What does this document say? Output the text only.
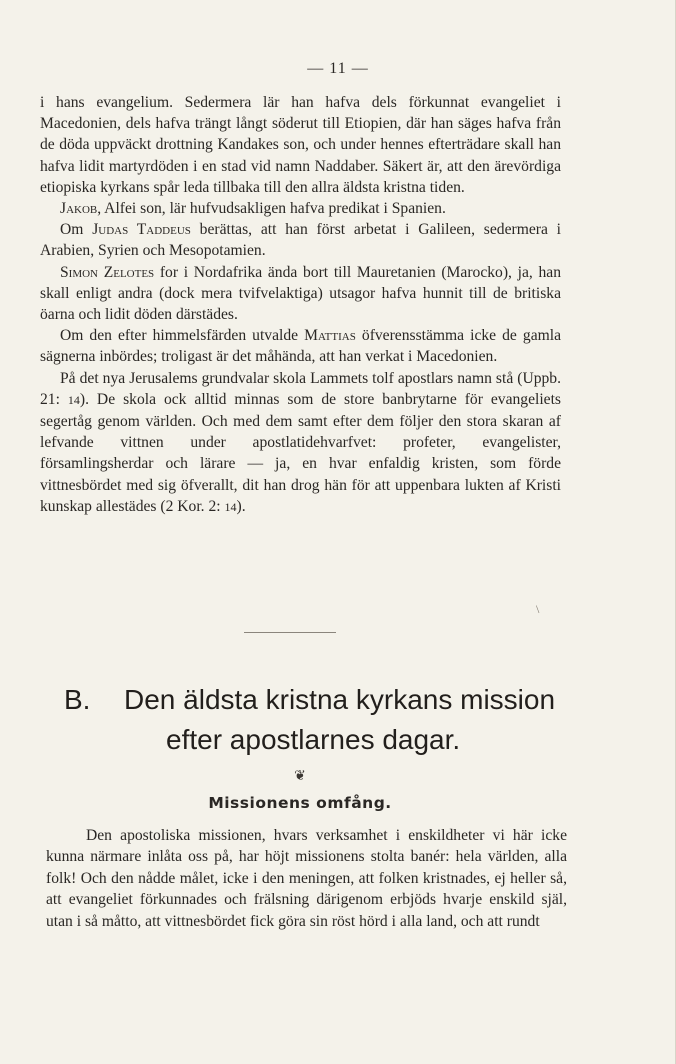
— 11 —

i hans evangelium. Sedermera lär han hafva dels förkunnat evangeliet i Macedonien, dels hafva trängt långt söderut till Etiopien, där han säges hafva från de döda uppväckt drottning Kandakes son, och under hennes efterträdare skall han hafva lidit martyrdöden i en stad vid namn Naddaber. Säkert är, att den ärevördiga etiopiska kyrkans spår leda tillbaka till den allra äldsta kristna tiden.

Jakob, Alfei son, lär hufvudsakligen hafva predikat i Spanien.

Om Judas Taddeus berättas, att han först arbetat i Galileen, sedermera i Arabien, Syrien och Mesopotamien.

Simon Zelotes for i Nordafrika ända bort till Mauretanien (Marocko), ja, han skall enligt andra (dock mera tvifvelaktiga) utsagor hafva hunnit till de britiska öarna och lidit döden därstädes.

Om den efter himmelsfärden utvalde Mattias öfverensstämma icke de gamla sägnerna inbördes; troligast är det måhända, att han verkat i Macedonien.

På det nya Jerusalems grundvalar skola Lammets tolf apostlars namn stå (Uppb. 21: 14). De skola ock alltid minnas som de store banbrytarne för evangeliets segertåg genom världen. Och med dem samt efter dem följer den stora skaran af lefvande vittnen under apostlatidehvarfvet: profeter, evangelister, församlingsherdar och lärare — ja, en hvar enfaldig kristen, som förde vittnesbördet med sig öfverallt, dit han drog hän för att uppenbara lukten af Kristi kunskap allestädes (2 Kor. 2: 14).

\
B. Den äldsta kristna kyrkans mission
efter apostlarnes dagar.
❦
Missionens omfång.

Den apostoliska missionen, hvars verksamhet i enskildheter vi här icke kunna närmare inlåta oss på, har höjt missionens stolta banér: hela världen, alla folk! Och den nådde målet, icke i den meningen, att folken kristnades, ej heller så, att evangeliet förkunnades och frälsning därigenom erbjöds hvarje enskild själ, utan i så måtto, att vittnesbördet fick göra sin röst hörd i alla land, och att rundt
